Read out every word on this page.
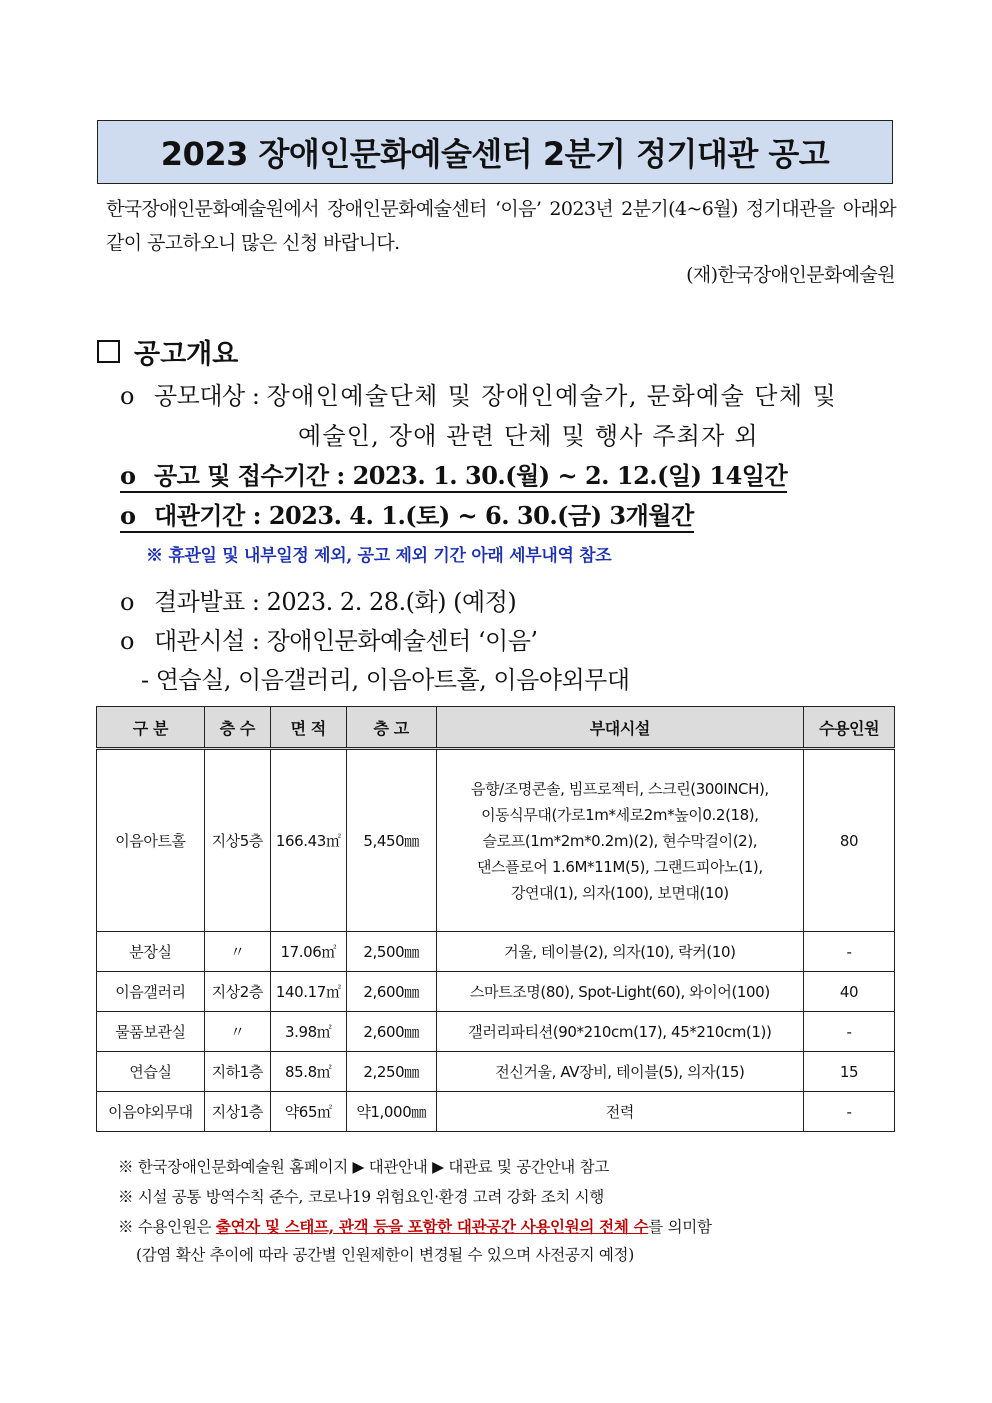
2023 장애인문화예술센터 2분기 정기대관 공고
한국장애인문화예술원에서 장애인문화예술센터 ‘이음’ 2023년 2분기(4~6월) 정기대관을 아래와 같이 공고하오니 많은 신청 바랍니다.
(재)한국장애인문화예술원
공고개요
o 공모대상 : 장애인예술단체 및 장애인예술가, 문화예술 단체 및
예술인, 장애 관련 단체 및 행사 주최자 외
o 공고 및 접수기간 : 2023. 1. 30.(월) ~ 2. 12.(일) 14일간
o 대관기간 : 2023. 4. 1.(토) ~ 6. 30.(금) 3개월간
※ 휴관일 및 내부일정 제외, 공고 제외 기간 아래 세부내역 참조
o 결과발표 : 2023. 2. 28.(화) (예정)
o 대관시설 : 장애인문화예술센터 ‘이음’
- 연습실, 이음갤러리, 이음아트홀, 이음야외무대
구 분	층 수	면 적	층 고	부대시설	수용인원
이음아트홀	지상5층	166.43㎡	5,450㎜	음향/조명콘솔, 빔프로젝터, 스크린(300INCH),
이동식무대(가로1m*세로2m*높이0.2(18),
슬로프(1m*2m*0.2m)(2), 현수막걸이(2),
댄스플로어 1.6M*11M(5), 그랜드피아노(1),
강연대(1), 의자(100), 보면대(10)	80
분장실	〃	17.06㎡	2,500㎜	거울, 테이블(2), 의자(10), 락커(10)	-
이음갤러리	지상2층	140.17㎡	2,600㎜	스마트조명(80), Spot-Light(60), 와이어(100)	40
물품보관실	〃	3.98㎡	2,600㎜	갤러리파티션(90*210cm(17), 45*210cm(1))	-
연습실	지하1층	85.8㎡	2,250㎜	전신거울, AV장비, 테이블(5), 의자(15)	15
이음야외무대	지상1층	약65㎡	약1,000㎜	전력	-
※ 한국장애인문화예술원 홈페이지 ▶ 대관안내 ▶ 대관료 및 공간안내 참고
※ 시설 공통 방역수칙 준수, 코로나19 위험요인·환경 고려 강화 조치 시행
※ 수용인원은 출연자 및 스태프, 관객 등을 포함한 대관공간 사용인원의 전체 수를 의미함
(감염 확산 추이에 따라 공간별 인원제한이 변경될 수 있으며 사전공지 예정)
